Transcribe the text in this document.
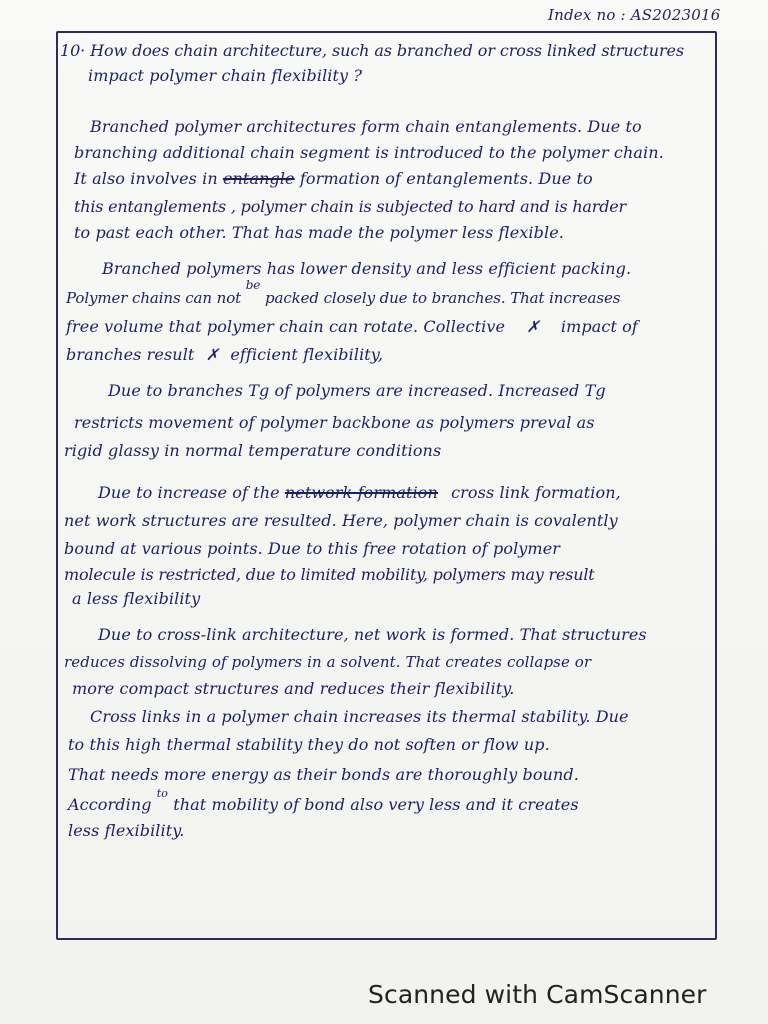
Index no : AS2023016
10· How does chain architecture, such as branched or cross linked structures
impact polymer chain flexibility ?
Branched polymer architectures form chain entanglements. Due to
branching additional chain segment is introduced to the polymer chain.
It also involves in entangle formation of entanglements. Due to
this entanglements , polymer chain is subjected to hard and is harder
to past each other. That has made the polymer less flexible.
Branched polymers has lower density and less efficient packing.
Polymer chains can not $^{be}$ packed closely due to branches. That increases
free volume that polymer chain can rotate. Collective ✗ impact of
branches result ✗ efficient flexibility,
Due to branches Tg of polymers are increased. Increased Tg
restricts movement of polymer backbone as polymers preval as
rigid glassy in normal temperature conditions
Due to increase of the network formation cross link formation,
net work structures are resulted. Here, polymer chain is covalently
bound at various points. Due to this free rotation of polymer
molecule is restricted, due to limited mobility, polymers may result
a less flexibility
Due to cross-link architecture, net work is formed. That structures
reduces dissolving of polymers in a solvent. That creates collapse or
more compact structures and reduces their flexibility.
Cross links in a polymer chain increases its thermal stability. Due
to this high thermal stability they do not soften or flow up.
That needs more energy as their bonds are thoroughly bound.
According $^{to}$ that mobility of bond also very less and it creates
less flexibility.
Scanned with CamScanner
